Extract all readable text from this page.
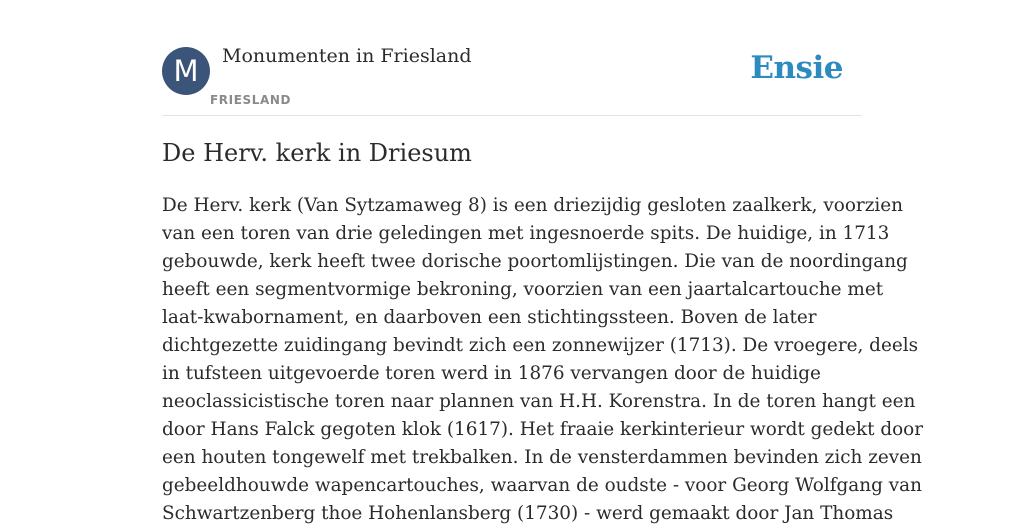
M Monumenten in Friesland
FRIESLAND
Ensie
De Herv. kerk in Driesum

De Herv. kerk (Van Sytzamaweg 8) is een driezijdig gesloten zaalkerk, voorzien
van een toren van drie geledingen met ingesnoerde spits. De huidige, in 1713
gebouwde, kerk heeft twee dorische poortomlijstingen. Die van de noordingang
heeft een segmentvormige bekroning, voorzien van een jaartalcartouche met
laat-kwabornament, en daarboven een stichtingssteen. Boven de later
dichtgezette zuidingang bevindt zich een zonnewijzer (1713). De vroegere, deels
in tufsteen uitgevoerde toren werd in 1876 vervangen door de huidige
neoclassicistische toren naar plannen van H.H. Korenstra. In de toren hangt een
door Hans Falck gegoten klok (1617). Het fraaie kerkinterieur wordt gedekt door
een houten tongewelf met trekbalken. In de vensterdammen bevinden zich zeven
gebeeldhouwde wapencartouches, waarvan de oudste - voor Georg Wolfgang van
Schwartzenberg thoe Hohenlansberg (1730) - werd gemaakt door Jan Thomas
